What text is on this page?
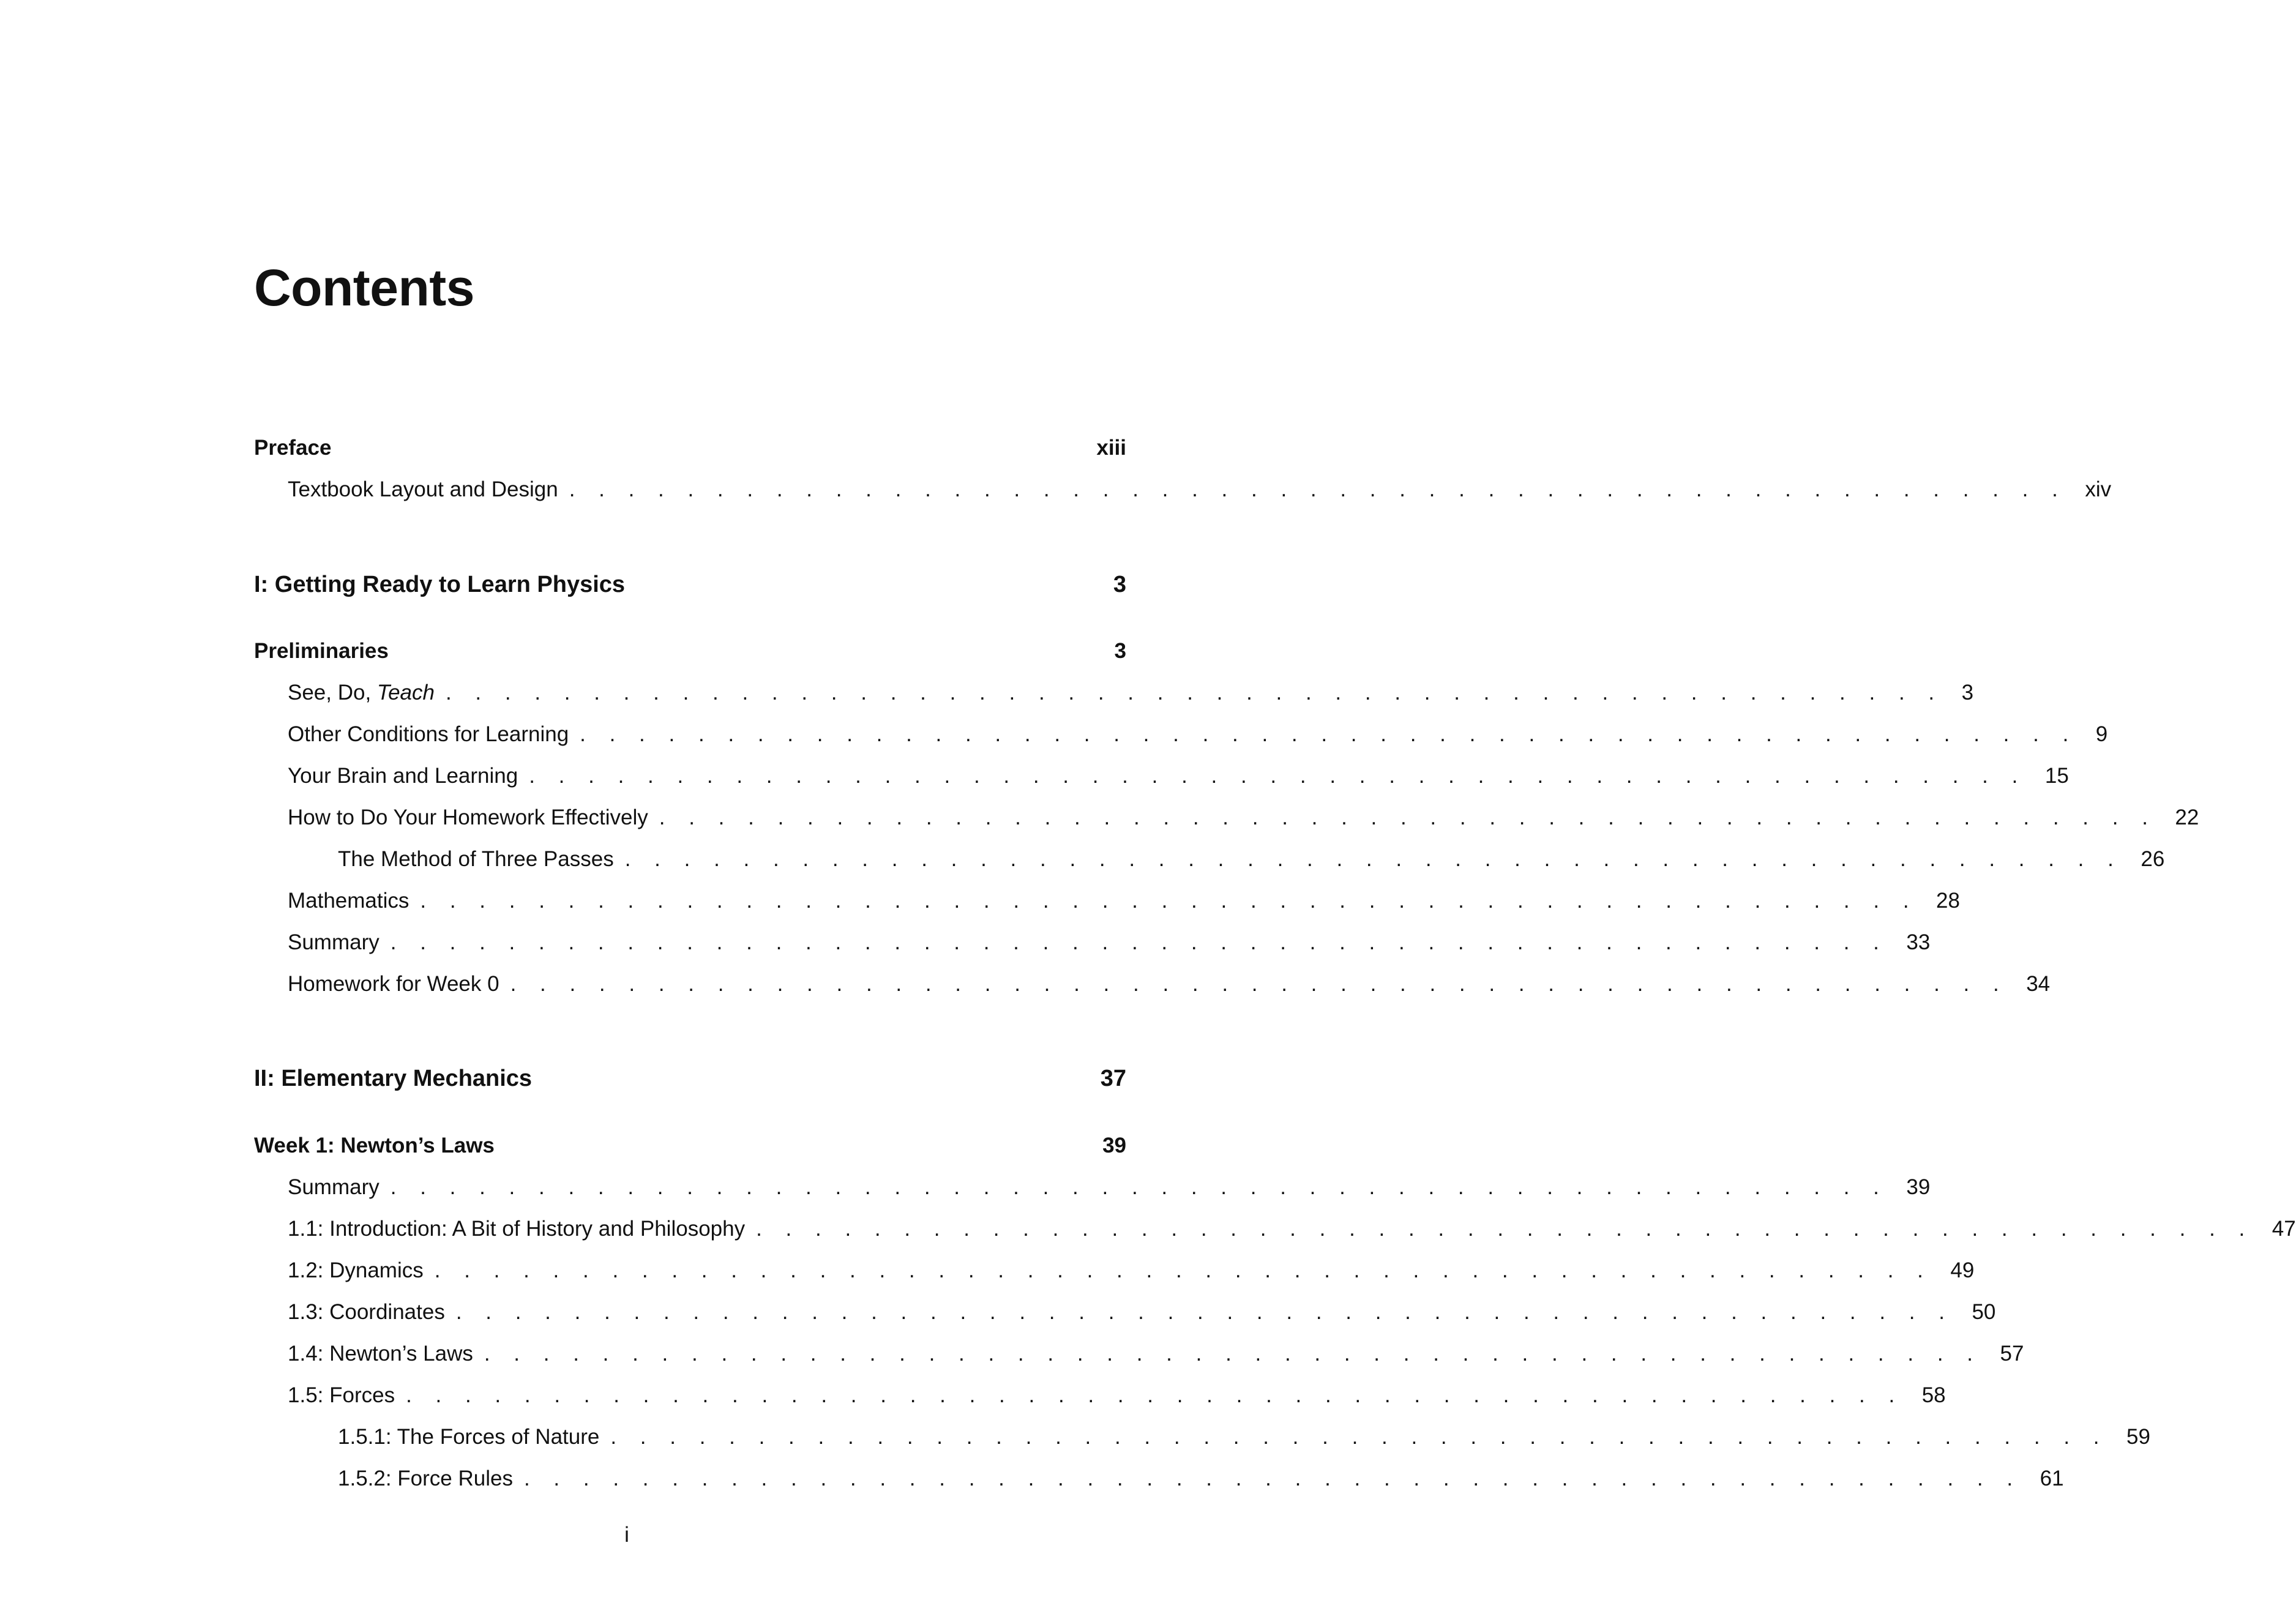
Contents
Preface	xiii
Textbook Layout and Design . . . . . . . . . . . . . . . . . . . . . . . . . . . . . . . . . . . . . . . . . . . . . . . . . . . xiv
I: Getting Ready to Learn Physics	3
Preliminaries	3
See, Do, Teach . . . . . . . . . . . . . . . . . . . . . . . . . . . . . . . . . . . . . . . . . . . . . . . . . . . 3
Other Conditions for Learning . . . . . . . . . . . . . . . . . . . . . . . . . . . . . . . . . . . . . . . . . . . . . . . . . . . 9
Your Brain and Learning . . . . . . . . . . . . . . . . . . . . . . . . . . . . . . . . . . . . . . . . . . . . . . . . . . . 15
How to Do Your Homework Effectively . . . . . . . . . . . . . . . . . . . . . . . . . . . . . . . . . . . . . . . . . . . . . . . . . . . 22
The Method of Three Passes . . . . . . . . . . . . . . . . . . . . . . . . . . . . . . . . . . . . . . . . . . . . . . . . . . . 26
Mathematics . . . . . . . . . . . . . . . . . . . . . . . . . . . . . . . . . . . . . . . . . . . . . . . . . . . 28
Summary . . . . . . . . . . . . . . . . . . . . . . . . . . . . . . . . . . . . . . . . . . . . . . . . . . . 33
Homework for Week 0 . . . . . . . . . . . . . . . . . . . . . . . . . . . . . . . . . . . . . . . . . . . . . . . . . . . 34
II: Elementary Mechanics	37
Week 1: Newton’s Laws	39
Summary . . . . . . . . . . . . . . . . . . . . . . . . . . . . . . . . . . . . . . . . . . . . . . . . . . . 39
1.1: Introduction: A Bit of History and Philosophy . . . . . . . . . . . . . . . . . . . . . . . . . . . . . . . . . . . . . . . . . . . . . . . . . . . 47
1.2: Dynamics . . . . . . . . . . . . . . . . . . . . . . . . . . . . . . . . . . . . . . . . . . . . . . . . . . . 49
1.3: Coordinates . . . . . . . . . . . . . . . . . . . . . . . . . . . . . . . . . . . . . . . . . . . . . . . . . . . 50
1.4: Newton’s Laws . . . . . . . . . . . . . . . . . . . . . . . . . . . . . . . . . . . . . . . . . . . . . . . . . . . 57
1.5: Forces . . . . . . . . . . . . . . . . . . . . . . . . . . . . . . . . . . . . . . . . . . . . . . . . . . . 58
1.5.1: The Forces of Nature . . . . . . . . . . . . . . . . . . . . . . . . . . . . . . . . . . . . . . . . . . . . . . . . . . . 59
1.5.2: Force Rules . . . . . . . . . . . . . . . . . . . . . . . . . . . . . . . . . . . . . . . . . . . . . . . . . . . 61
i
